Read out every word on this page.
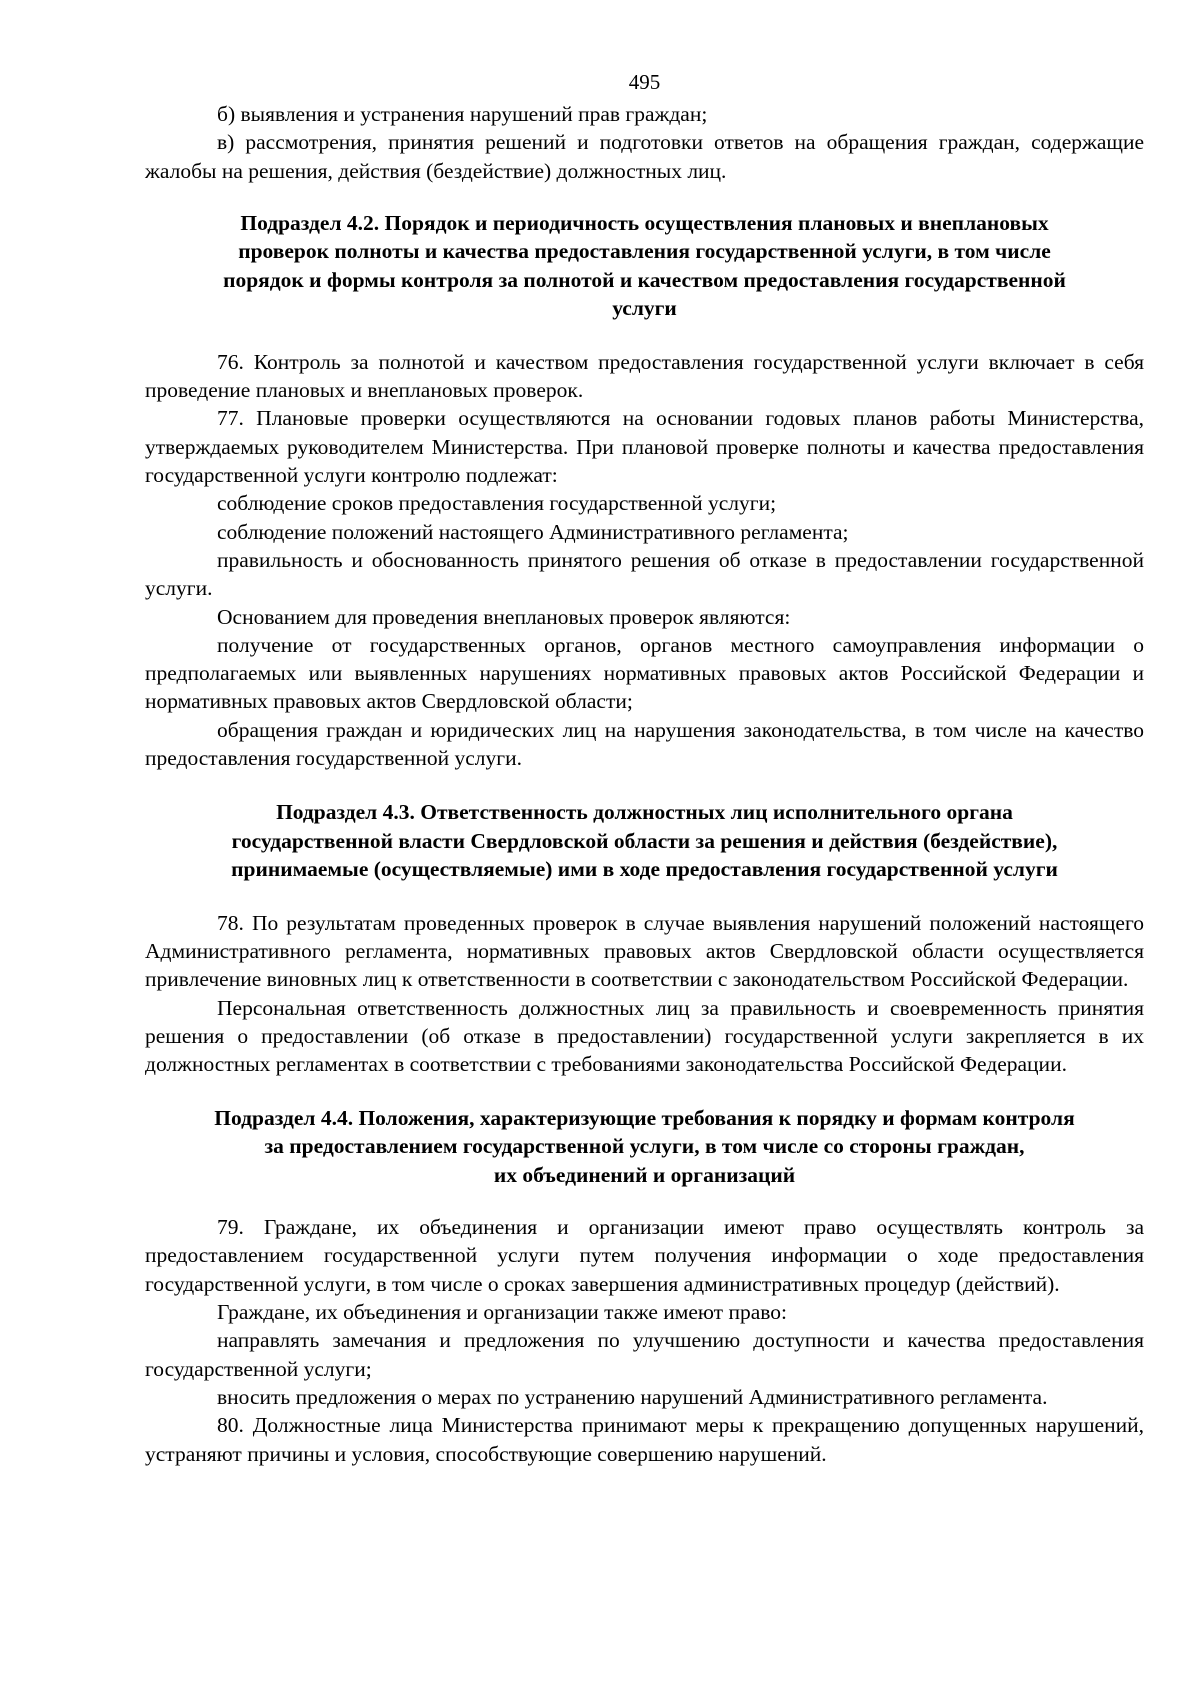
495

б) выявления и устранения нарушений прав граждан;

в) рассмотрения, принятия решений и подготовки ответов на обращения граждан, содержащие жалобы на решения, действия (бездействие) должностных лиц.

Подраздел 4.2. Порядок и периодичность осуществления плановых и внеплановых
проверок полноты и качества предоставления государственной услуги, в том числе
порядок и формы контроля за полнотой и качеством предоставления государственной
услуги

76. Контроль за полнотой и качеством предоставления государственной услуги включает в себя проведение плановых и внеплановых проверок.

77. Плановые проверки осуществляются на основании годовых планов работы Министерства, утверждаемых руководителем Министерства. При плановой проверке полноты и качества предоставления государственной услуги контролю подлежат:

соблюдение сроков предоставления государственной услуги;

соблюдение положений настоящего Административного регламента;

правильность и обоснованность принятого решения об отказе в предоставлении государственной услуги.

Основанием для проведения внеплановых проверок являются:

получение от государственных органов, органов местного самоуправления информации о предполагаемых или выявленных нарушениях нормативных правовых актов Российской Федерации и нормативных правовых актов Свердловской области;

обращения граждан и юридических лиц на нарушения законодательства, в том числе на качество предоставления государственной услуги.

Подраздел 4.3. Ответственность должностных лиц исполнительного органа
государственной власти Свердловской области за решения и действия (бездействие),
принимаемые (осуществляемые) ими в ходе предоставления государственной услуги

78. По результатам проведенных проверок в случае выявления нарушений положений настоящего Административного регламента, нормативных правовых актов Свердловской области осуществляется привлечение виновных лиц к ответственности в соответствии с законодательством Российской Федерации.

Персональная ответственность должностных лиц за правильность и своевременность принятия решения о предоставлении (об отказе в предоставлении) государственной услуги закрепляется в их должностных регламентах в соответствии с требованиями законодательства Российской Федерации.

Подраздел 4.4. Положения, характеризующие требования к порядку и формам контроля
за предоставлением государственной услуги, в том числе со стороны граждан,
их объединений и организаций

79. Граждане, их объединения и организации имеют право осуществлять контроль за предоставлением государственной услуги путем получения информации о ходе предоставления государственной услуги, в том числе о сроках завершения административных процедур (действий).

Граждане, их объединения и организации также имеют право:

направлять замечания и предложения по улучшению доступности и качества предоставления государственной услуги;

вносить предложения о мерах по устранению нарушений Административного регламента.

80. Должностные лица Министерства принимают меры к прекращению допущенных нарушений, устраняют причины и условия, способствующие совершению нарушений.
